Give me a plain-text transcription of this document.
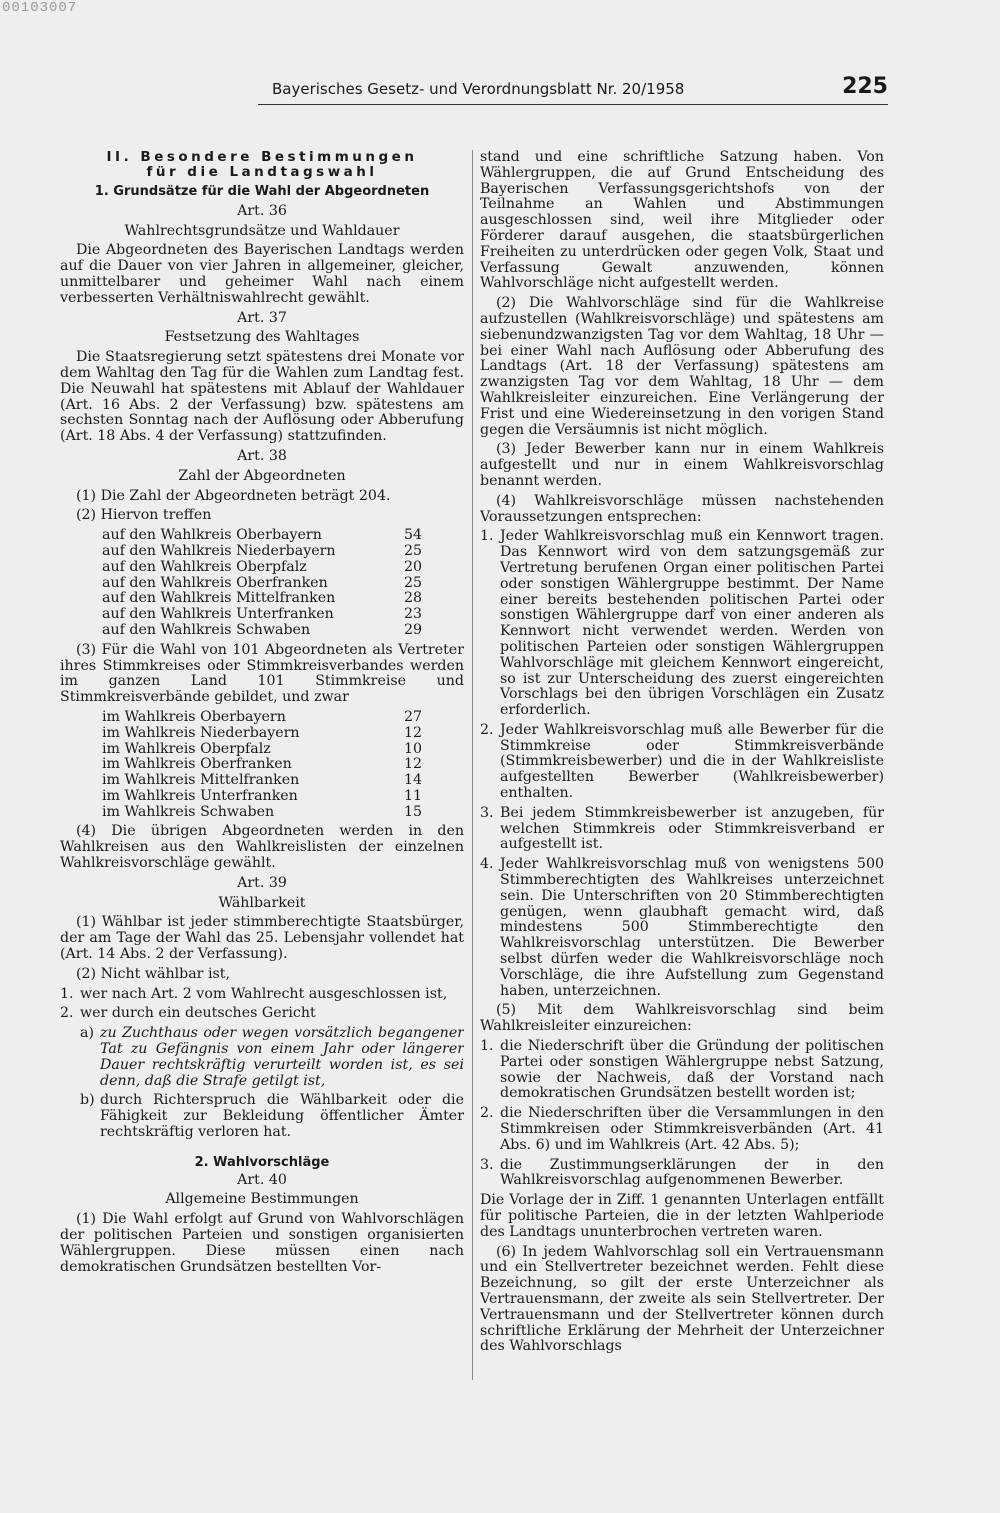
00103007
Bayerisches Gesetz- und Verordnungsblatt Nr. 20/1958	225

II. Besondere Bestimmungen
für die Landtagswahl

1. Grundsätze für die Wahl der Abgeordneten

Art. 36

Wahlrechtsgrundsätze und Wahldauer

Die Abgeordneten des Bayerischen Landtags werden auf die Dauer von vier Jahren in allgemeiner, gleicher, unmittelbarer und geheimer Wahl nach einem verbesserten Verhältniswahlrecht gewählt.

Art. 37

Festsetzung des Wahltages

Die Staatsregierung setzt spätestens drei Monate vor dem Wahltag den Tag für die Wahlen zum Landtag fest. Die Neuwahl hat spätestens mit Ablauf der Wahldauer (Art. 16 Abs. 2 der Verfassung) bzw. spätestens am sechsten Sonntag nach der Auflösung oder Abberufung (Art. 18 Abs. 4 der Verfassung) stattzufinden.

Art. 38

Zahl der Abgeordneten

(1) Die Zahl der Abgeordneten beträgt 204.

(2) Hiervon treffen

auf den Wahlkreis Oberbayern	54
auf den Wahlkreis Niederbayern	25
auf den Wahlkreis Oberpfalz	20
auf den Wahlkreis Oberfranken	25
auf den Wahlkreis Mittelfranken	28
auf den Wahlkreis Unterfranken	23
auf den Wahlkreis Schwaben	29

(3) Für die Wahl von 101 Abgeordneten als Vertreter ihres Stimmkreises oder Stimmkreisverbandes werden im ganzen Land 101 Stimmkreise und Stimmkreisverbände gebildet, und zwar

im Wahlkreis Oberbayern	27
im Wahlkreis Niederbayern	12
im Wahlkreis Oberpfalz	10
im Wahlkreis Oberfranken	12
im Wahlkreis Mittelfranken	14
im Wahlkreis Unterfranken	11
im Wahlkreis Schwaben	15

(4) Die übrigen Abgeordneten werden in den Wahlkreisen aus den Wahlkreislisten der einzelnen Wahlkreisvorschläge gewählt.

Art. 39

Wählbarkeit

(1) Wählbar ist jeder stimmberechtigte Staatsbürger, der am Tage der Wahl das 25. Lebensjahr vollendet hat (Art. 14 Abs. 2 der Verfassung).

(2) Nicht wählbar ist,

1. wer nach Art. 2 vom Wahlrecht ausgeschlossen ist,
2. wer durch ein deutsches Gericht
a) zu Zuchthaus oder wegen vorsätzlich begangener Tat zu Gefängnis von einem Jahr oder längerer Dauer rechtskräftig verurteilt worden ist, es sei denn, daß die Strafe getilgt ist,
b) durch Richterspruch die Wählbarkeit oder die Fähigkeit zur Bekleidung öffentlicher Ämter rechtskräftig verloren hat.

2. Wahlvorschläge

Art. 40

Allgemeine Bestimmungen

(1) Die Wahl erfolgt auf Grund von Wahlvorschlägen der politischen Parteien und sonstigen organisierten Wählergruppen. Diese müssen einen nach demokratischen Grundsätzen bestellten Vor-

stand und eine schriftliche Satzung haben. Von Wählergruppen, die auf Grund Entscheidung des Bayerischen Verfassungsgerichtshofs von der Teilnahme an Wahlen und Abstimmungen ausgeschlossen sind, weil ihre Mitglieder oder Förderer darauf ausgehen, die staatsbürgerlichen Freiheiten zu unterdrücken oder gegen Volk, Staat und Verfassung Gewalt anzuwenden, können Wahlvorschläge nicht aufgestellt werden.

(2) Die Wahlvorschläge sind für die Wahlkreise aufzustellen (Wahlkreisvorschläge) und spätestens am siebenundzwanzigsten Tag vor dem Wahltag, 18 Uhr — bei einer Wahl nach Auflösung oder Abberufung des Landtags (Art. 18 der Verfassung) spätestens am zwanzigsten Tag vor dem Wahltag, 18 Uhr — dem Wahlkreisleiter einzureichen. Eine Verlängerung der Frist und eine Wiedereinsetzung in den vorigen Stand gegen die Versäumnis ist nicht möglich.

(3) Jeder Bewerber kann nur in einem Wahlkreis aufgestellt und nur in einem Wahlkreisvorschlag benannt werden.

(4) Wahlkreisvorschläge müssen nachstehenden Voraussetzungen entsprechen:

1. Jeder Wahlkreisvorschlag muß ein Kennwort tragen. Das Kennwort wird von dem satzungsgemäß zur Vertretung berufenen Organ einer politischen Partei oder sonstigen Wählergruppe bestimmt. Der Name einer bereits bestehenden politischen Partei oder sonstigen Wählergruppe darf von einer anderen als Kennwort nicht verwendet werden. Werden von politischen Parteien oder sonstigen Wählergruppen Wahlvorschläge mit gleichem Kennwort eingereicht, so ist zur Unterscheidung des zuerst eingereichten Vorschlags bei den übrigen Vorschlägen ein Zusatz erforderlich.
2. Jeder Wahlkreisvorschlag muß alle Bewerber für die Stimmkreise oder Stimmkreisverbände (Stimmkreisbewerber) und die in der Wahlkreisliste aufgestellten Bewerber (Wahlkreisbewerber) enthalten.
3. Bei jedem Stimmkreisbewerber ist anzugeben, für welchen Stimmkreis oder Stimmkreisverband er aufgestellt ist.
4. Jeder Wahlkreisvorschlag muß von wenigstens 500 Stimmberechtigten des Wahlkreises unterzeichnet sein. Die Unterschriften von 20 Stimmberechtigten genügen, wenn glaubhaft gemacht wird, daß mindestens 500 Stimmberechtigte den Wahlkreisvorschlag unterstützen. Die Bewerber selbst dürfen weder die Wahlkreisvorschläge noch Vorschläge, die ihre Aufstellung zum Gegenstand haben, unterzeichnen.

(5) Mit dem Wahlkreisvorschlag sind beim Wahlkreisleiter einzureichen:

1. die Niederschrift über die Gründung der politischen Partei oder sonstigen Wählergruppe nebst Satzung, sowie der Nachweis, daß der Vorstand nach demokratischen Grundsätzen bestellt worden ist;
2. die Niederschriften über die Versammlungen in den Stimmkreisen oder Stimmkreisverbänden (Art. 41 Abs. 6) und im Wahlkreis (Art. 42 Abs. 5);
3. die Zustimmungserklärungen der in den Wahlkreisvorschlag aufgenommenen Bewerber.

Die Vorlage der in Ziff. 1 genannten Unterlagen entfällt für politische Parteien, die in der letzten Wahlperiode des Landtags ununterbrochen vertreten waren.

(6) In jedem Wahlvorschlag soll ein Vertrauensmann und ein Stellvertreter bezeichnet werden. Fehlt diese Bezeichnung, so gilt der erste Unterzeichner als Vertrauensmann, der zweite als sein Stellvertreter. Der Vertrauensmann und der Stellvertreter können durch schriftliche Erklärung der Mehrheit der Unterzeichner des Wahlvorschlags
